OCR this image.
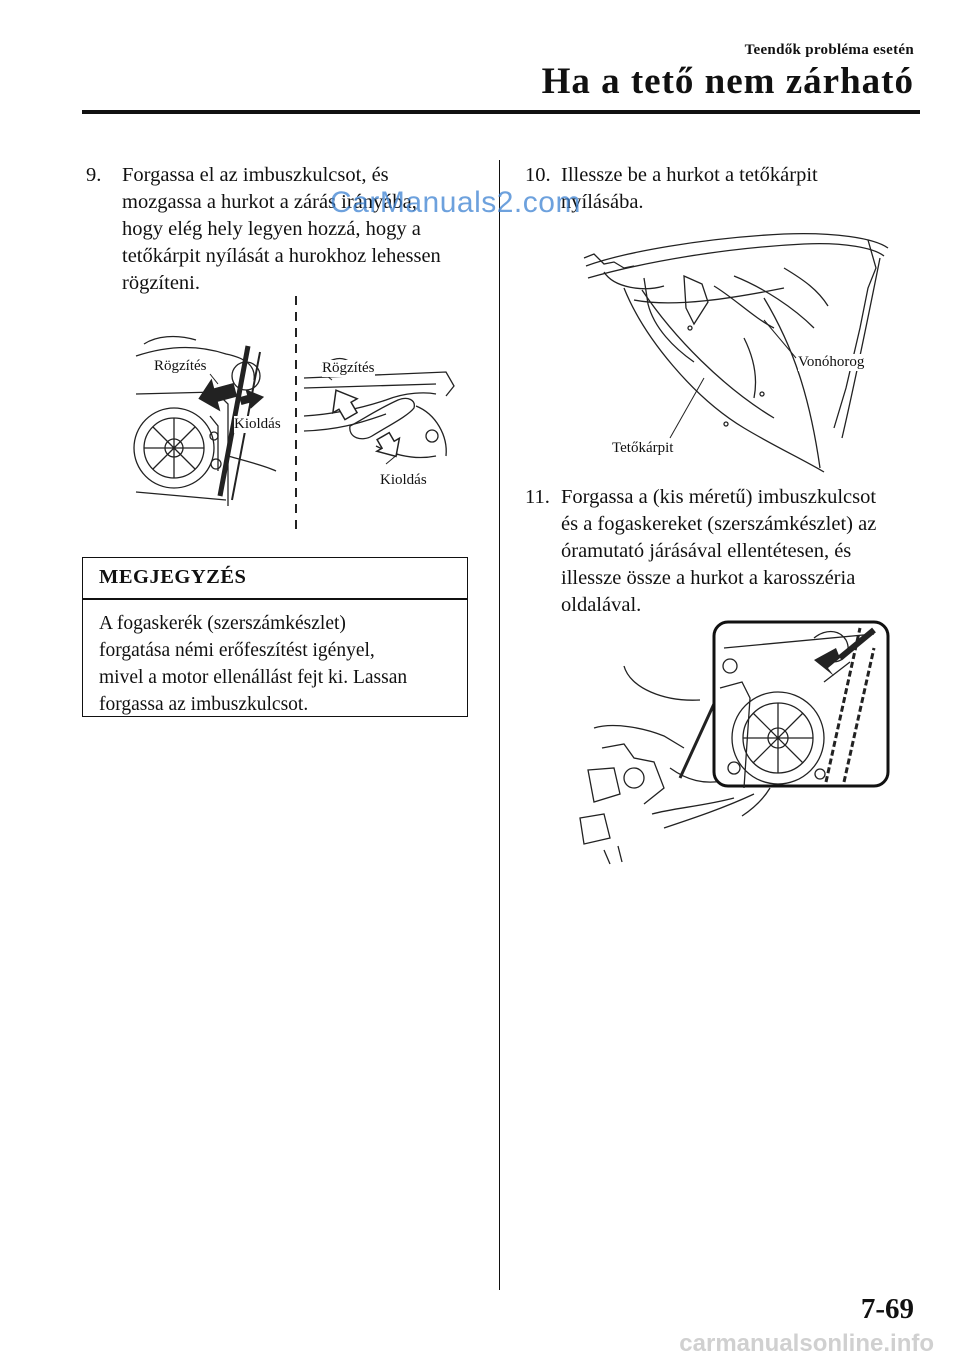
Teendők probléma esetén
Ha a tető nem zárható
9. Forgassa el az imbuszkulcsot, és
mozgassa a hurkot a zárás irányába,
hogy elég hely legyen hozzá, hogy a
tetőkárpit nyílását a hurokhoz lehessen
rögzíteni.
Rögzítés
Kioldás
Rögzítés
Kioldás
MEGJEGYZÉS
A fogaskerék (szerszámkészlet)
forgatása némi erőfeszítést igényel,
mivel a motor ellenállást fejt ki. Lassan
forgassa az imbuszkulcsot.
10. Illessze be a hurkot a tetőkárpit
nyílásába.
Vonóhorog
Tetőkárpit
11. Forgassa a (kis méretű) imbuszkulcsot
és a fogaskereket (szerszámkészlet) az
óramutató járásával ellentétesen, és
illessze össze a hurkot a karosszéria
oldalával.
CarManuals2.com
7-69
carmanualsonline.info
